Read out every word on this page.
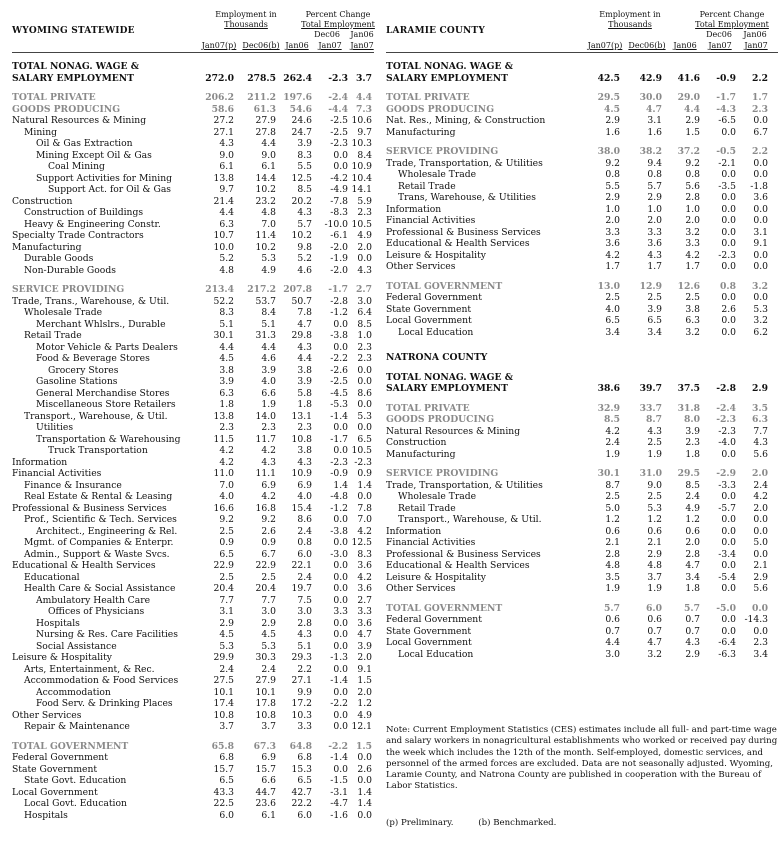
WYOMING STATEWIDE
Employment in
Thousands
Percent Change
Total Employment
Dec06	Jan06
Jan07(p) Dec06(b) Jan06	Jan07	Jan07
TOTAL NONAG. WAGE &
SALARY EMPLOYMENT	272.0	278.5 262.4	-2.3 3.7
TOTAL PRIVATE	206.2	211.2 197.6	-2.4 4.4
GOODS PRODUCING	58.6	61.3	54.6	-4.4 7.3
Natural Resources & Mining	27.2	27.9	24.6	-2.5 10.6
Mining	27.1	27.8	24.7	-2.5	9.7
Oil & Gas Extraction	4.3	4.4	3.9	-2.3 10.3
Mining Except Oil & Gas	9.0	9.0	8.3	0.0	8.4
Coal Mining	6.1	6.1	5.5	0.0 10.9
Support Activities for Mining	13.8	14.4	12.5	-4.2 10.4
Support Act. for Oil & Gas	9.7	10.2	8.5	-4.9 14.1
Construction	21.4	23.2	20.2	-7.8	5.9
Construction of Buildings	4.4	4.8	4.3	-8.3	2.3
Heavy & Engineering Constr.	6.3	7.0	5.7	-10.0 10.5
Specialty Trade Contractors	10.7	11.4	10.2	-6.1	4.9
Manufacturing	10.0	10.2	9.8	-2.0	2.0
Durable Goods	5.2	5.3	5.2	-1.9	0.0
Non-Durable Goods	4.8	4.9	4.6	-2.0	4.3
SERVICE PROVIDING	213.4	217.2 207.8	-1.7 2.7
Trade, Trans., Warehouse, & Util.	52.2	53.7	50.7	-2.8	3.0
Wholesale Trade	8.3	8.4	7.8	-1.2	6.4
Merchant Whlslrs., Durable	5.1	5.1	4.7	0.0	8.5
Retail Trade	30.1	31.3	29.8	-3.8	1.0
Motor Vehicle & Parts Dealers	4.4	4.4	4.3	0.0	2.3
Food & Beverage Stores	4.5	4.6	4.4	-2.2	2.3
Grocery Stores	3.8	3.9	3.8	-2.6	0.0
Gasoline Stations	3.9	4.0	3.9	-2.5	0.0
General Merchandise Stores	6.3	6.6	5.8	-4.5	8.6
Miscellaneous Store Retailers	1.8	1.9	1.8	-5.3	0.0
Transport., Warehouse, & Util.	13.8	14.0	13.1	-1.4	5.3
Utilities	2.3	2.3	2.3	0.0	0.0
Transportation & Warehousing	11.5	11.7	10.8	-1.7	6.5
Truck Transportation	4.2	4.2	3.8	0.0 10.5
Information	4.2	4.3	4.3	-2.3 -2.3
Financial Activities	11.0	11.1	10.9	-0.9	0.9
Finance & Insurance	7.0	6.9	6.9	1.4	1.4
Real Estate & Rental & Leasing	4.0	4.2	4.0	-4.8	0.0
Professional & Business Services	16.6	16.8	15.4	-1.2	7.8
Prof., Scientific & Tech. Services	9.2	9.2	8.6	0.0	7.0
Architect., Engineering & Rel.	2.5	2.6	2.4	-3.8	4.2
Mgmt. of Companies & Enterpr.	0.9	0.9	0.8	0.0 12.5
Admin., Support & Waste Svcs.	6.5	6.7	6.0	-3.0	8.3
Educational & Health Services	22.9	22.9	22.1	0.0	3.6
Educational	2.5	2.5	2.4	0.0	4.2
Health Care & Social Assistance	20.4	20.4	19.7	0.0	3.6
Ambulatory Health Care	7.7	7.7	7.5	0.0	2.7
Offices of Physicians	3.1	3.0	3.0	3.3	3.3
Hospitals	2.9	2.9	2.8	0.0	3.6
Nursing & Res. Care Facilities	4.5	4.5	4.3	0.0	4.7
Social Assistance	5.3	5.3	5.1	0.0	3.9
Leisure & Hospitality	29.9	30.3	29.3	-1.3	2.0
Arts, Entertainment, & Rec.	2.4	2.4	2.2	0.0	9.1
Accommodation & Food Services	27.5	27.9	27.1	-1.4	1.5
Accommodation	10.1	10.1	9.9	0.0	2.0
Food Serv. & Drinking Places	17.4	17.8	17.2	-2.2	1.2
Other Services	10.8	10.8	10.3	0.0	4.9
Repair & Maintenance	3.7	3.7	3.3	0.0 12.1
TOTAL GOVERNMENT	65.8	67.3	64.8	-2.2 1.5
Federal Government	6.8	6.9	6.8	-1.4	0.0
State Government	15.7	15.7	15.3	0.0	2.6
State Govt. Education	6.5	6.6	6.5	-1.5	0.0
Local Government	43.3	44.7	42.7	-3.1	1.4
Local Govt. Education	22.5	23.6	22.2	-4.7	1.4
Hospitals	6.0	6.1	6.0	-1.6	0.0
LARAMIE COUNTY
Employment in
Thousands
Percent Change
Total Employment
Dec06	Jan06
Jan07(p) Dec06(b) Jan06	Jan07	Jan07
TOTAL NONAG. WAGE &
SALARY EMPLOYMENT	42.5	42.9	41.6	-0.9	2.2
TOTAL PRIVATE	29.5	30.0	29.0	-1.7	1.7
GOODS PRODUCING	4.5	4.7	4.4	-4.3	2.3
Nat. Res., Mining, & Construction	2.9	3.1	2.9	-6.5	0.0
Manufacturing	1.6	1.6	1.5	0.0	6.7
SERVICE PROVIDING	38.0	38.2	37.2	-0.5	2.2
Trade, Transportation, & Utilities	9.2	9.4	9.2	-2.1	0.0
Wholesale Trade	0.8	0.8	0.8	0.0	0.0
Retail Trade	5.5	5.7	5.6	-3.5	-1.8
Trans, Warehouse, & Utilities	2.9	2.9	2.8	0.0	3.6
Information	1.0	1.0	1.0	0.0	0.0
Financial Activities	2.0	2.0	2.0	0.0	0.0
Professional & Business Services	3.3	3.3	3.2	0.0	3.1
Educational & Health Services	3.6	3.6	3.3	0.0	9.1
Leisure & Hospitality	4.2	4.3	4.2	-2.3	0.0
Other Services	1.7	1.7	1.7	0.0	0.0
TOTAL GOVERNMENT	13.0	12.9	12.6	0.8	3.2
Federal Government	2.5	2.5	2.5	0.0	0.0
State Government	4.0	3.9	3.8	2.6	5.3
Local Government	6.5	6.5	6.3	0.0	3.2
Local Education	3.4	3.4	3.2	0.0	6.2
NATRONA COUNTY
TOTAL NONAG. WAGE &
SALARY EMPLOYMENT	38.6	39.7	37.5	-2.8	2.9
TOTAL PRIVATE	32.9	33.7	31.8	-2.4	3.5
GOODS PRODUCING	8.5	8.7	8.0	-2.3	6.3
Natural Resources & Mining	4.2	4.3	3.9	-2.3	7.7
Construction	2.4	2.5	2.3	-4.0	4.3
Manufacturing	1.9	1.9	1.8	0.0	5.6
SERVICE PROVIDING	30.1	31.0	29.5	-2.9	2.0
Trade, Transportation, & Utilities	8.7	9.0	8.5	-3.3	2.4
Wholesale Trade	2.5	2.5	2.4	0.0	4.2
Retail Trade	5.0	5.3	4.9	-5.7	2.0
Transport., Warehouse, & Util.	1.2	1.2	1.2	0.0	0.0
Information	0.6	0.6	0.6	0.0	0.0
Financial Activities	2.1	2.1	2.0	0.0	5.0
Professional & Business Services	2.8	2.9	2.8	-3.4	0.0
Educational & Health Services	4.8	4.8	4.7	0.0	2.1
Leisure & Hospitality	3.5	3.7	3.4	-5.4	2.9
Other Services	1.9	1.9	1.8	0.0	5.6
TOTAL GOVERNMENT	5.7	6.0	5.7	-5.0	0.0
Federal Government	0.6	0.6	0.7	0.0 -14.3
State Government	0.7	0.7	0.7	0.0	0.0
Local Government	4.4	4.7	4.3	-6.4	2.3
Local Education	3.0	3.2	2.9	-6.3	3.4
Note: Current Employment Statistics (CES) estimates include all full- and part-time wage and salary workers in nonagricultural establishments who worked or received pay during the week which includes the 12th of the month. Self-employed, domestic services, and personnel of the armed forces are excluded. Data are not seasonally adjusted. Wyoming, Laramie County, and Natrona County are published in cooperation with the Bureau of Labor Statistics.
(p) Preliminary.	(b) Benchmarked.
